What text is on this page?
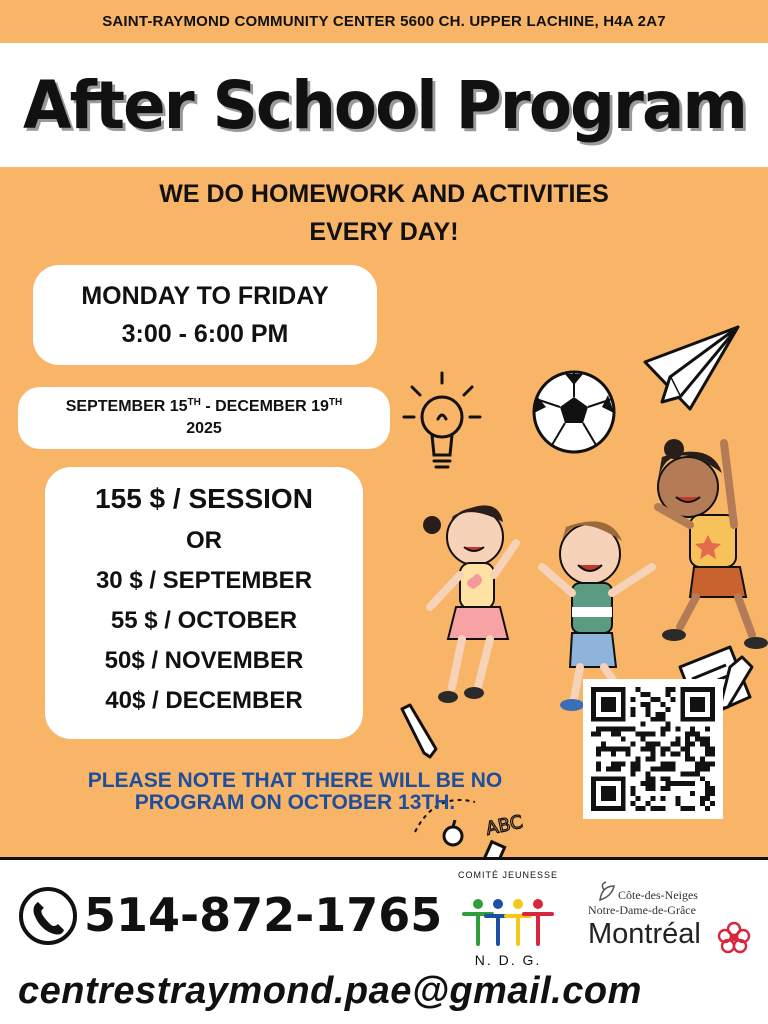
SAINT-RAYMOND COMMUNITY CENTER 5600 CH. UPPER LACHINE, H4A 2A7
After School Program
WE DO HOMEWORK AND ACTIVITIES
EVERY DAY!
MONDAY TO FRIDAY
3:00 - 6:00 PM
SEPTEMBER 15TH - DECEMBER 19TH
2025
155 $ / SESSION
OR
30 $ / SEPTEMBER
55 $ / OCTOBER
50$ / NOVEMBER
40$ / DECEMBER
ABC
PLEASE NOTE THAT THERE WILL BE NO
PROGRAM ON OCTOBER 13TH.
514-872-1765
COMITÉ JEUNESSE
N. D. G.
Côte-des-Neiges
Notre-Dame-de-Grâce
Montréal
centrestraymond.pae@gmail.com
